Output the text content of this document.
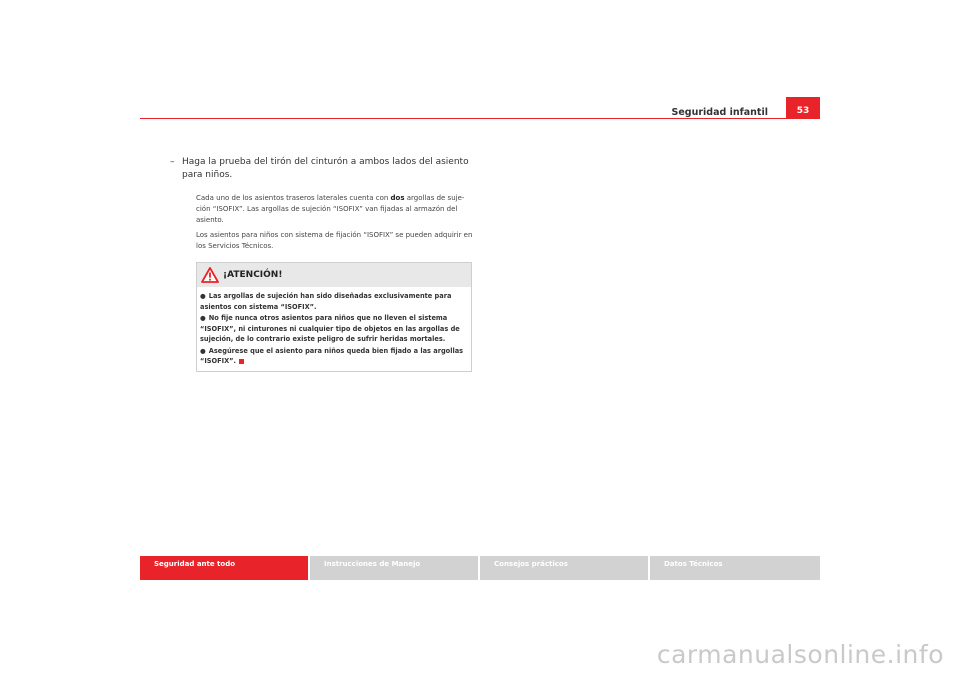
Seguridad infantil	53
– Haga la prueba del tirón del cinturón a ambos lados del asiento para niños.

Cada uno de los asientos traseros laterales cuenta con dos argollas de sujeción “ISOFIX”. Las argollas de sujeción “ISOFIX” van fijadas al armazón del asiento.

Los asientos para niños con sistema de fijación “ISOFIX” se pueden adquirir en los Servicios Técnicos.

¡ATENCIÓN!
● Las argollas de sujeción han sido diseñadas exclusivamente para asientos con sistema “ISOFIX”.
● No fije nunca otros asientos para niños que no lleven el sistema “ISOFIX”, ni cinturones ni cualquier tipo de objetos en las argollas de sujeción, de lo contrario existe peligro de sufrir heridas mortales.
● Asegúrese que el asiento para niños queda bien fijado a las argollas “ISOFIX”.
Seguridad ante todo	Instrucciones de Manejo	Consejos prácticos	Datos Técnicos
carmanualsonline.info
